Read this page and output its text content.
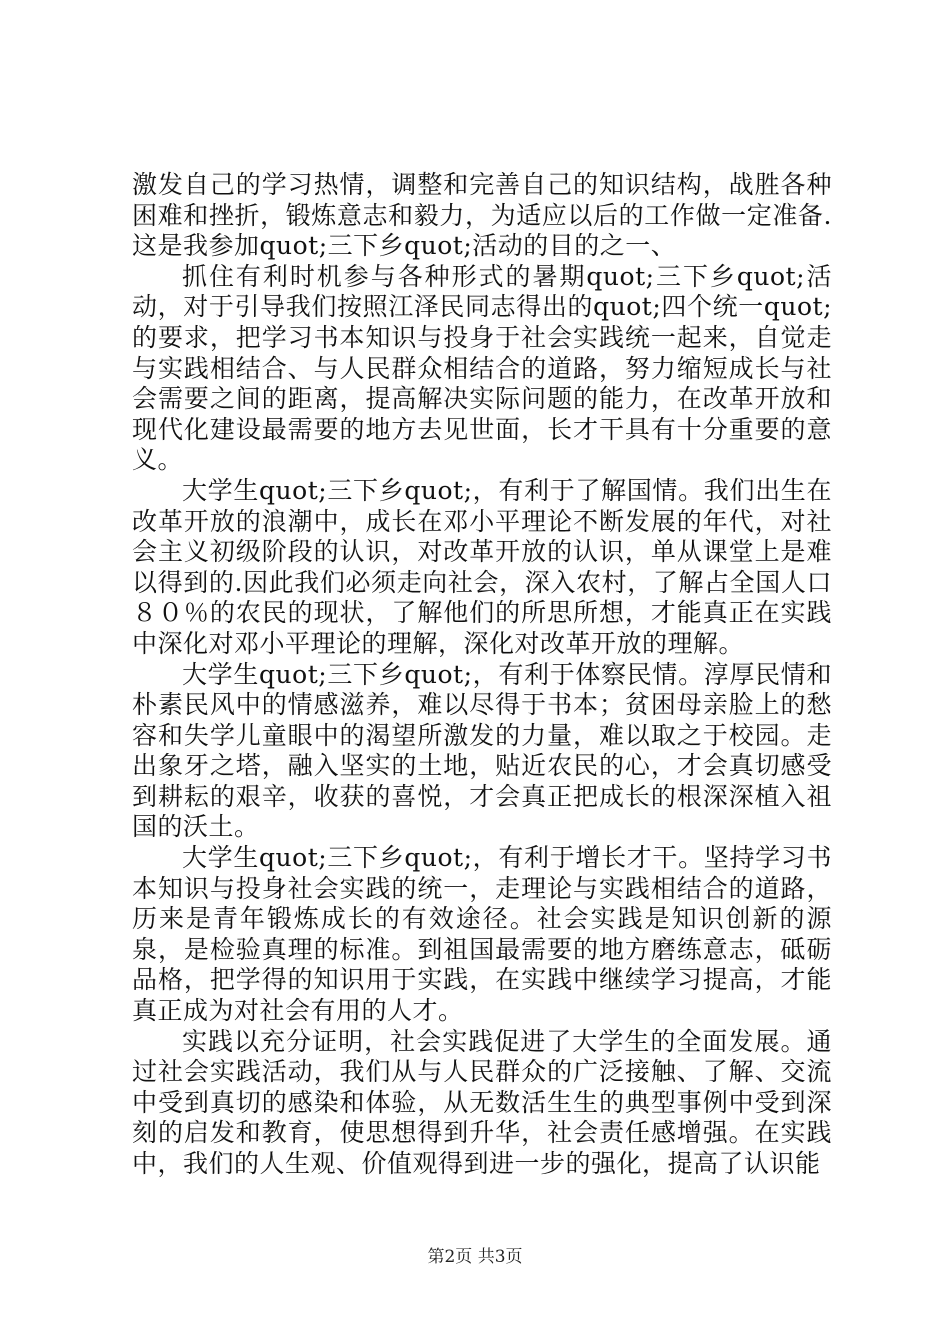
激发自己的学习热情，调整和完善自己的知识结构，战胜各种困难和挫折，锻炼意志和毅力，为适应以后的工作做一定准备.这是我参加quot;三下乡quot;活动的目的之一、

抓住有利时机参与各种形式的暑期quot;三下乡quot;活动，对于引导我们按照江泽民同志得出的quot;四个统一quot;的要求，把学习书本知识与投身于社会实践统一起来，自觉走与实践相结合、与人民群众相结合的道路，努力缩短成长与社会需要之间的距离，提高解决实际问题的能力，在改革开放和现代化建设最需要的地方去见世面，长才干具有十分重要的意义。

大学生quot;三下乡quot;，有利于了解国情。我们出生在改革开放的浪潮中，成长在邓小平理论不断发展的年代，对社会主义初级阶段的认识，对改革开放的认识，单从课堂上是难以得到的.因此我们必须走向社会，深入农村，了解占全国人口８０％的农民的现状，了解他们的所思所想，才能真正在实践中深化对邓小平理论的理解，深化对改革开放的理解。

大学生quot;三下乡quot;，有利于体察民情。淳厚民情和朴素民风中的情感滋养，难以尽得于书本；贫困母亲脸上的愁容和失学儿童眼中的渴望所激发的力量，难以取之于校园。走出象牙之塔，融入坚实的土地，贴近农民的心，才会真切感受到耕耘的艰辛，收获的喜悦，才会真正把成长的根深深植入祖国的沃土。

大学生quot;三下乡quot;，有利于增长才干。坚持学习书本知识与投身社会实践的统一，走理论与实践相结合的道路，历来是青年锻炼成长的有效途径。社会实践是知识创新的源泉，是检验真理的标准。到祖国最需要的地方磨练意志，砥砺品格，把学得的知识用于实践，在实践中继续学习提高，才能真正成为对社会有用的人才。

实践以充分证明，社会实践促进了大学生的全面发展。通过社会实践活动，我们从与人民群众的广泛接触、了解、交流中受到真切的感染和体验，从无数活生生的典型事例中受到深刻的启发和教育，使思想得到升华，社会责任感增强。在实践中，我们的人生观、价值观得到进一步的强化，提高了认识能

第2页 共3页
